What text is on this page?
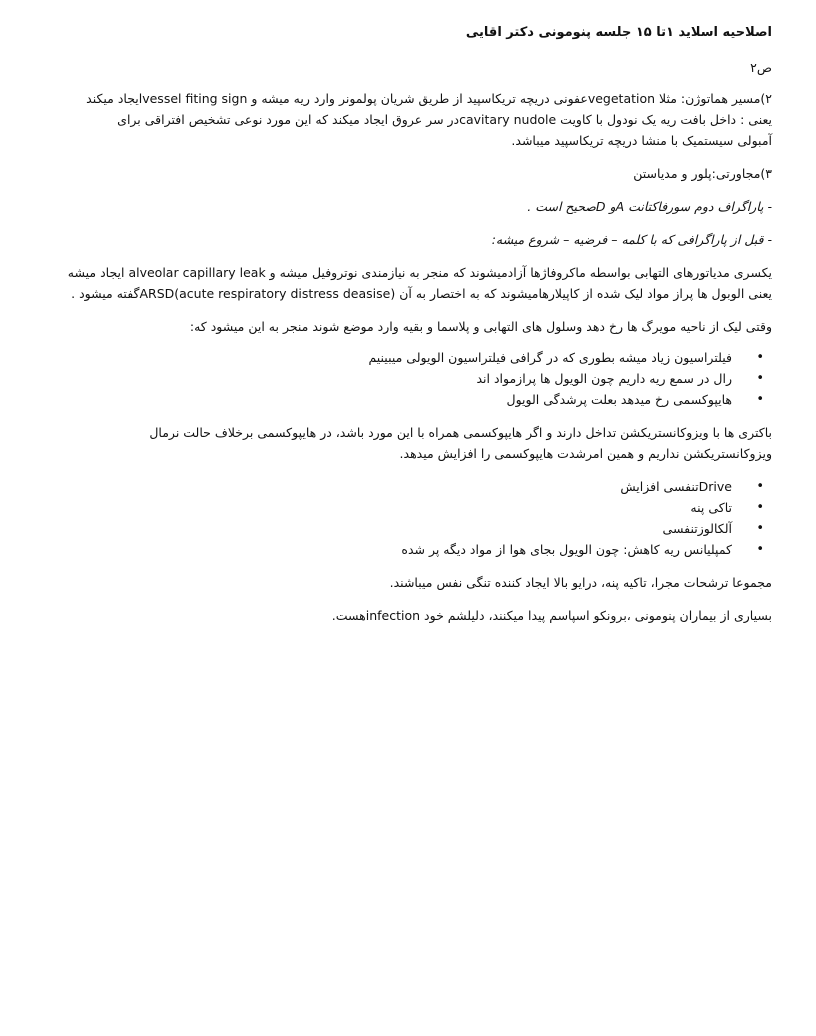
اصلاحیه اسلاید ۱تا ۱۵ جلسه پنومونی دکتر اقایی

ص۲

۲)مسیر هماتوژن: مثلا vegetationعفونی دریچه تریکاسپید از طریق شریان پولمونر وارد ریه میشه و vessel fiting signایجاد میکند
یعنی : داخل بافت ریه یک نودول با کاویت cavitary nudoleدر سر عروق ایجاد میکند که این مورد نوعی تشخیص افتراقی برای
آمبولی سیستمیک با منشا دریچه تریکاسپید میباشد.

۳)مجاورتی:پلور و مدیاستن

- پاراگراف دوم سورفاکتانت Aو Dصحیح است .

- قبل از پاراگرافی که با کلمه – فرضیه – شروع میشه:

یکسری مدیاتورهای التهابی بواسطه ماکروفاژها آزادمیشوند که منجر به نیازمندی نوتروفیل میشه و alveolar capillary leak ایجاد میشه
یعنی الوبول ها پراز مواد لیک شده از کاپیلارهامیشوند که به اختصار به آن (ARSD(acute respiratory distress deasiseگفته میشود .

وقتی لیک از ناحیه مویرگ ها رخ دهد وسلول های التهابی و پلاسما و بقیه وارد موضع شوند منجر به این میشود که:

• فیلتراسیون زیاد میشه بطوری که در گرافی فیلتراسیون الویولی میبینیم
• رال در سمع ریه داریم چون الویول ها پرازمواد اند
• هایپوکسمی رخ میدهد بعلت پرشدگی الویول

باکتری ها با ویزوکانستریکشن تداخل دارند و اگر هایپوکسمی همراه با این مورد باشد، در هایپوکسمی برخلاف حالت نرمال
ویزوکانستریکشن نداریم و همین امرشدت هایپوکسمی را افزایش میدهد.

• Driveتنفسی افزایش
• تاکی پنه
• آلکالوزتنفسی
• کمپلیانس ریه کاهش: چون الویول بجای هوا از مواد دیگه پر شده

مجموعا ترشحات مجرا، تاکیه پنه، درایو بالا ایجاد کننده تنگی نفس میباشند.

بسیاری از بیماران پنومونی ،برونکو اسپاسم پیدا میکنند، دلیلشم خود infectionهست.
